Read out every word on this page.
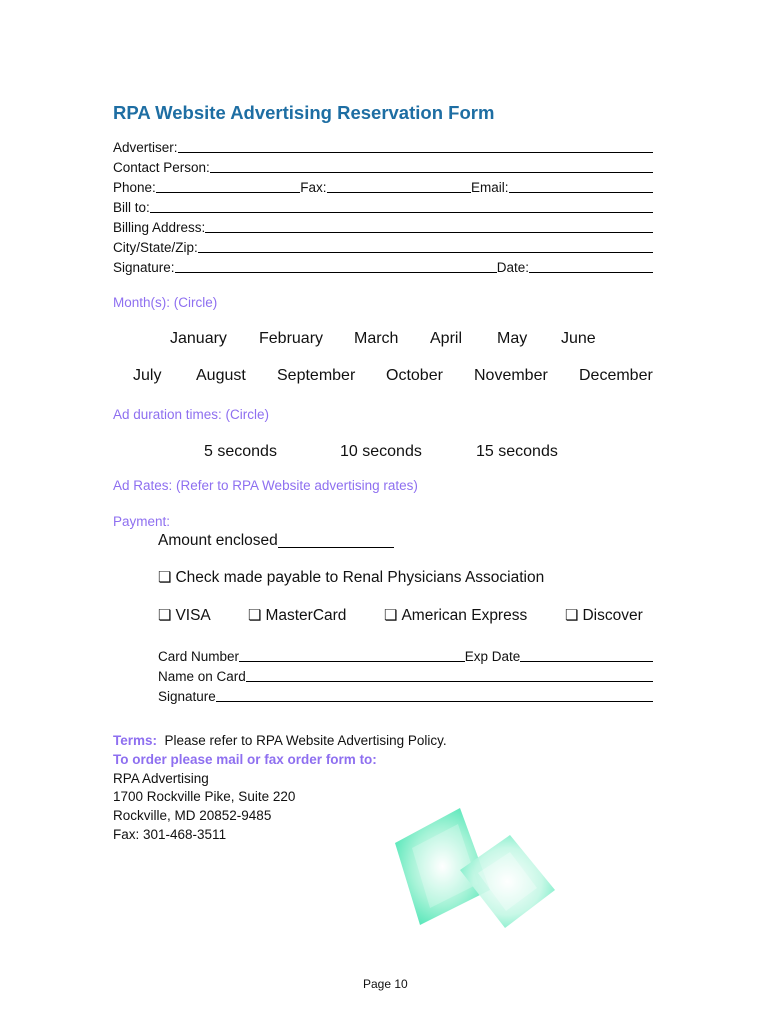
RPA Website Advertising Reservation Form
Advertiser:
Contact Person:
Phone:	Fax:	Email:
Bill to:
Billing Address:
City/State/Zip:
Signature:	Date:
Month(s): (Circle)
January February March April May June
July August September October November December
Ad duration times: (Circle)
5 seconds	10 seconds	15 seconds
Ad Rates: (Refer to RPA Website advertising rates)
Payment:
Amount enclosed
❏ Check made payable to Renal Physicians Association
❏ VISA ❏ MasterCard	❏ American Express	❏ Discover
Card Number	Exp Date
Name on Card
Signature
Terms: Please refer to RPA Website Advertising Policy.
To order please mail or fax order form to:
RPA Advertising
1700 Rockville Pike, Suite 220
Rockville, MD 20852-9485
Fax: 301-468-3511
Page 10
